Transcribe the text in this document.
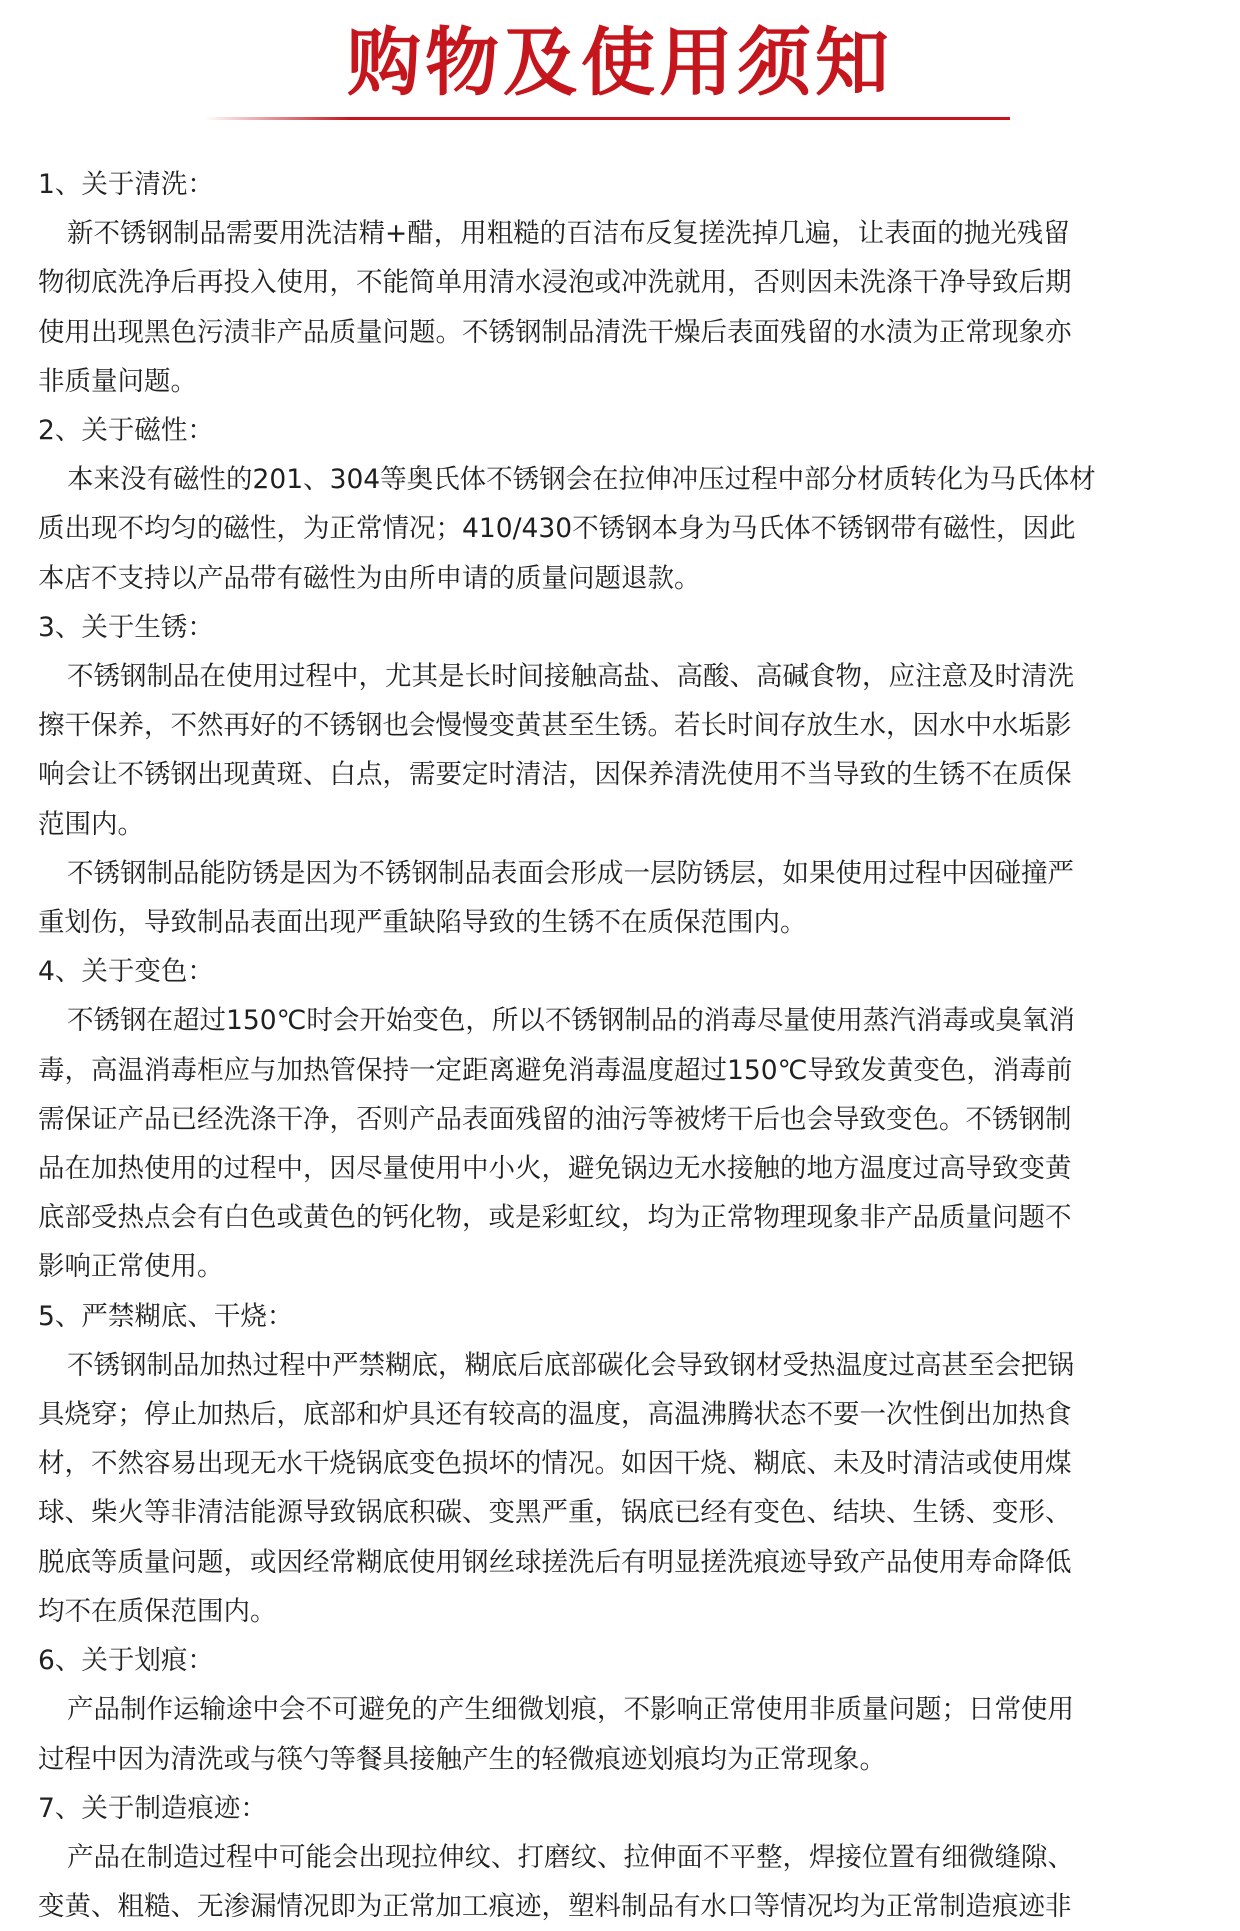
购物及使用须知
1、关于清洗：
新不锈钢制品需要用洗洁精+醋，用粗糙的百洁布反复搓洗掉几遍，让表面的抛光残留
物彻底洗净后再投入使用，不能简单用清水浸泡或冲洗就用，否则因未洗涤干净导致后期
使用出现黑色污渍非产品质量问题。不锈钢制品清洗干燥后表面残留的水渍为正常现象亦
非质量问题。
2、关于磁性：
本来没有磁性的201、304等奥氏体不锈钢会在拉伸冲压过程中部分材质转化为马氏体材
质出现不均匀的磁性，为正常情况；410/430不锈钢本身为马氏体不锈钢带有磁性，因此
本店不支持以产品带有磁性为由所申请的质量问题退款。
3、关于生锈：
不锈钢制品在使用过程中，尤其是长时间接触高盐、高酸、高碱食物，应注意及时清洗
擦干保养，不然再好的不锈钢也会慢慢变黄甚至生锈。若长时间存放生水，因水中水垢影
响会让不锈钢出现黄斑、白点，需要定时清洁，因保养清洗使用不当导致的生锈不在质保
范围内。
不锈钢制品能防锈是因为不锈钢制品表面会形成一层防锈层，如果使用过程中因碰撞严
重划伤，导致制品表面出现严重缺陷导致的生锈不在质保范围内。
4、关于变色：
不锈钢在超过150℃时会开始变色，所以不锈钢制品的消毒尽量使用蒸汽消毒或臭氧消
毒，高温消毒柜应与加热管保持一定距离避免消毒温度超过150℃导致发黄变色，消毒前
需保证产品已经洗涤干净，否则产品表面残留的油污等被烤干后也会导致变色。不锈钢制
品在加热使用的过程中，因尽量使用中小火，避免锅边无水接触的地方温度过高导致变黄
底部受热点会有白色或黄色的钙化物，或是彩虹纹，均为正常物理现象非产品质量问题不
影响正常使用。
5、严禁糊底、干烧：
不锈钢制品加热过程中严禁糊底，糊底后底部碳化会导致钢材受热温度过高甚至会把锅
具烧穿；停止加热后，底部和炉具还有较高的温度，高温沸腾状态不要一次性倒出加热食
材，不然容易出现无水干烧锅底变色损坏的情况。如因干烧、糊底、未及时清洁或使用煤
球、柴火等非清洁能源导致锅底积碳、变黑严重，锅底已经有变色、结块、生锈、变形、
脱底等质量问题，或因经常糊底使用钢丝球搓洗后有明显搓洗痕迹导致产品使用寿命降低
均不在质保范围内。
6、关于划痕：
产品制作运输途中会不可避免的产生细微划痕，不影响正常使用非质量问题；日常使用
过程中因为清洗或与筷勺等餐具接触产生的轻微痕迹划痕均为正常现象。
7、关于制造痕迹：
产品在制造过程中可能会出现拉伸纹、打磨纹、拉伸面不平整，焊接位置有细微缝隙、
变黄、粗糙、无渗漏情况即为正常加工痕迹，塑料制品有水口等情况均为正常制造痕迹非
